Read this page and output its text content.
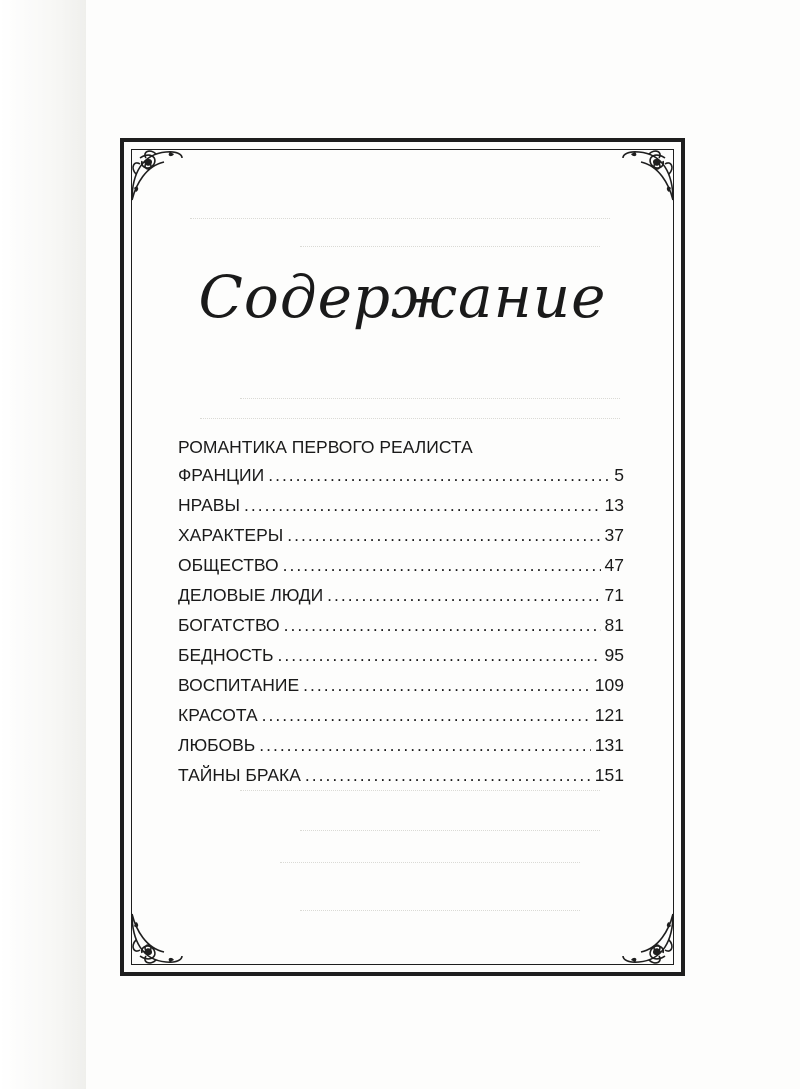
Содержание
РОМАНТИКА ПЕРВОГО РЕАЛИСТА
ФРАНЦИИ .....	5
НРАВЫ .....	13
ХАРАКТЕРЫ .....	37
ОБЩЕСТВО .....	47
ДЕЛОВЫЕ ЛЮДИ .....	71
БОГАТСТВО .....	81
БЕДНОСТЬ .....	95
ВОСПИТАНИЕ .....	109
КРАСОТА .....	121
ЛЮБОВЬ .....	131
ТАЙНЫ БРАКА .....	151
